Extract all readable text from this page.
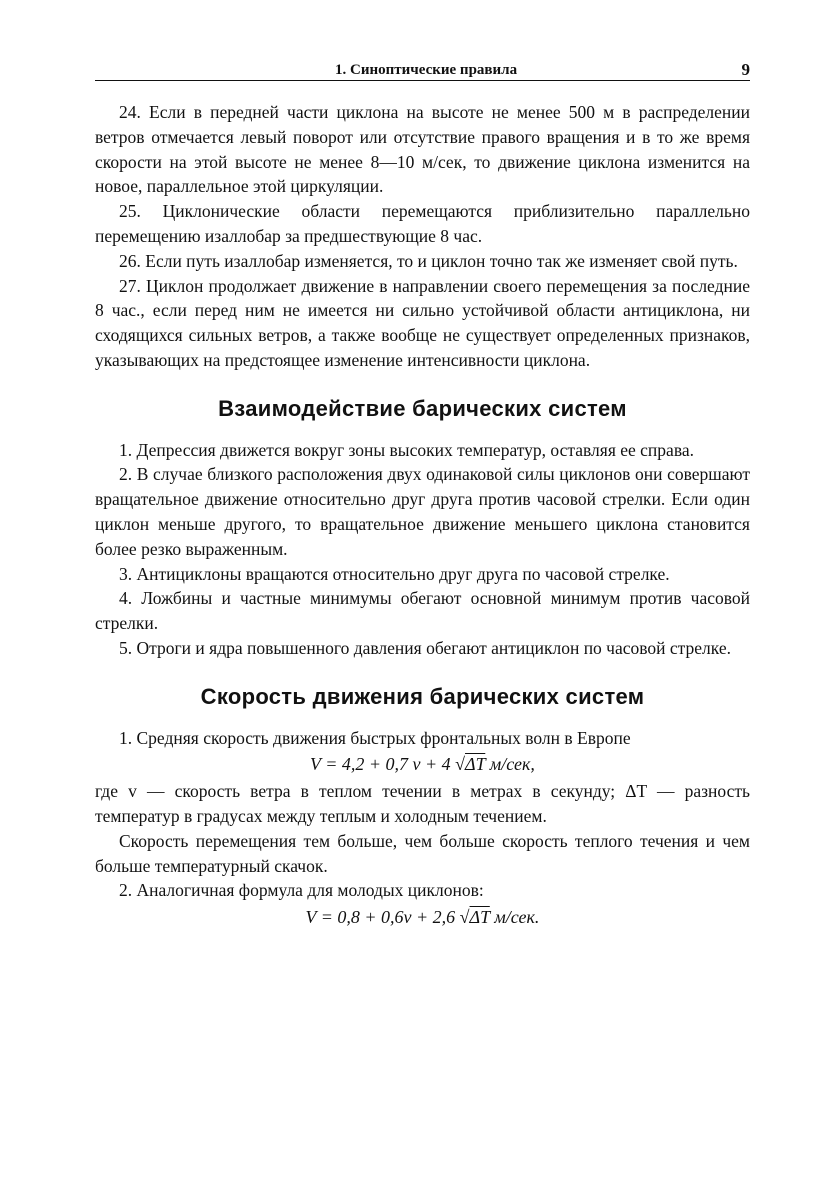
1. Синоптические правила	9

24. Если в передней части циклона на высоте не менее 500 м в распределении ветров отмечается левый поворот или отсутствие правого вращения и в то же время скорости на этой высоте не менее 8—10 м/сек, то движение циклона изменится на новое, параллельное этой циркуляции.

25. Циклонические области перемещаются приблизительно параллельно перемещению изаллобар за предшествующие 8 час.

26. Если путь изаллобар изменяется, то и циклон точно так же изменяет свой путь.

27. Циклон продолжает движение в направлении своего перемещения за последние 8 час., если перед ним не имеется ни сильно устойчивой области антициклона, ни сходящихся сильных ветров, а также вообще не существует определенных признаков, указывающих на предстоящее изменение интенсивности циклона.

Взаимодействие барических систем

1. Депрессия движется вокруг зоны высоких температур, оставляя ее справа.

2. В случае близкого расположения двух одинаковой силы циклонов они совершают вращательное движение относительно друг друга против часовой стрелки. Если один циклон меньше другого, то вращательное движение меньшего циклона становится более резко выраженным.

3. Антициклоны вращаются относительно друг друга по часовой стрелке.

4. Ложбины и частные минимумы обегают основной минимум против часовой стрелки.

5. Отроги и ядра повышенного давления обегают антициклон по часовой стрелке.

Скорость движения барических систем

1. Средняя скорость движения быстрых фронтальных волн в Европе

V = 4,2 + 0,7 v + 4 √ΔT м/сек,

где v — скорость ветра в теплом течении в метрах в секунду; ΔT — разность температур в градусах между теплым и холодным течением.

Скорость перемещения тем больше, чем больше скорость теплого течения и чем больше температурный скачок.

2. Аналогичная формула для молодых циклонов:

V = 0,8 + 0,6v + 2,6 √ΔT м/сек.
